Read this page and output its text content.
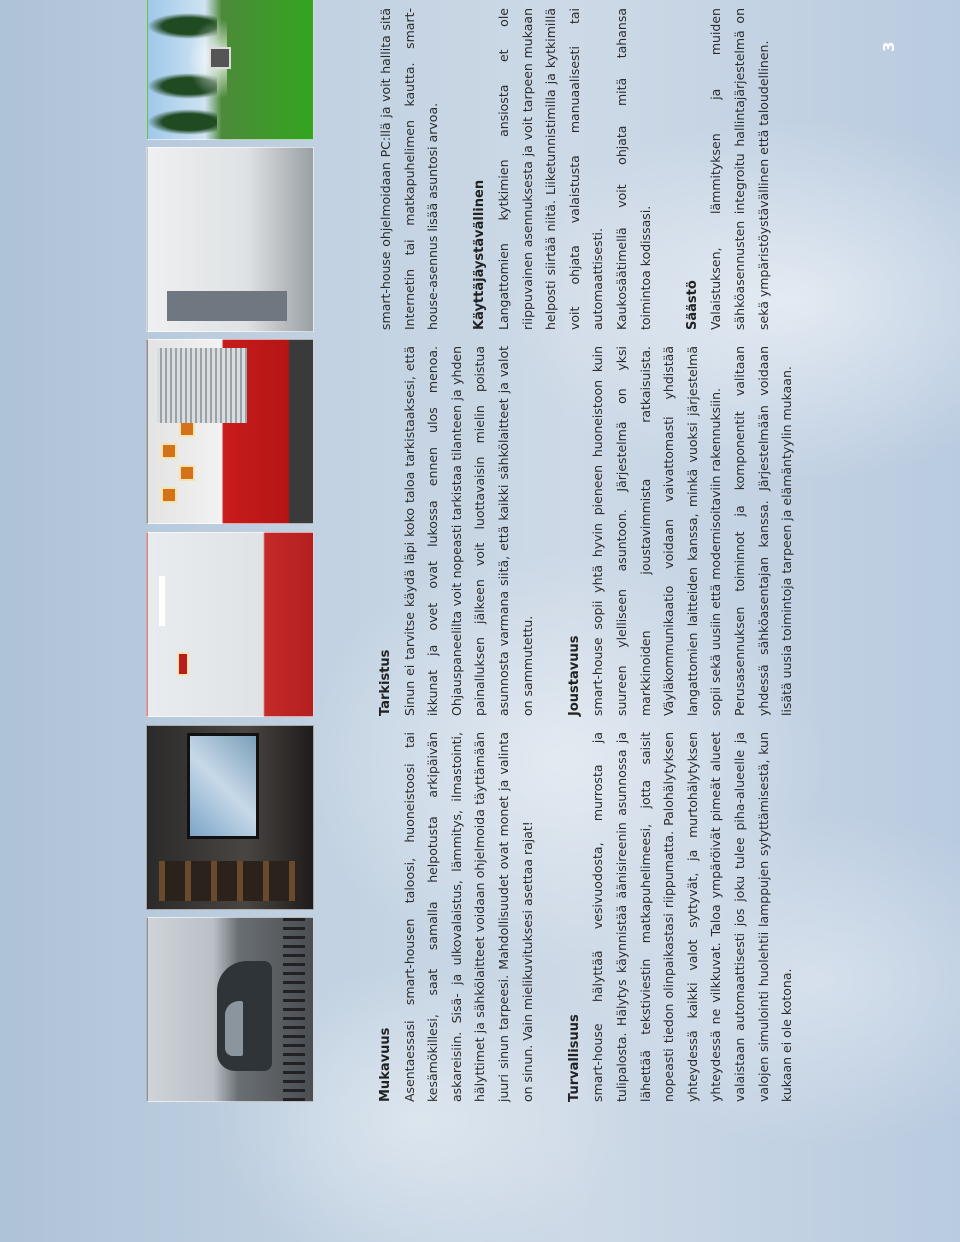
Mukavuus Asentaessasi smart-housen taloosi, huoneistoosi tai kesämökillesi, saat samalla helpotusta arkipäivän askareisiin. Sisä- ja ulkovalaistus, lämmitys, ilmastointi, hälyttimet ja sähkölaitteet voidaan ohjelmoida täyttämään juuri sinun tarpeesi. Mahdollisuudet ovat monet ja valinta on sinun. Vain mielikuvituksesi asettaa rajat!	Turvallisuus smart-house hälyttää vesivuodosta, murrosta ja tulipalosta. Hälytys käynnistää äänisireenin asunnossa ja lähettää tekstiviestin matkapuhelimeesi, jotta saisit nopeasti tiedon olinpaikastasi riippumatta. Palohälytyksen yhteydessä kaikki valot syttyvät, ja murtohälytyksen yhteydessä ne vilkkuvat. Taloa ympäröivät pimeät alueet valaistaan automaattisesti jos joku tulee piha-alueelle ja valojen simulointi huolehtii lamppujen sytyttämisestä, kun kukaan ei ole kotona.

Tarkistus Sinun ei tarvitse käydä läpi koko taloa tarkistaaksesi, että ikkunat ja ovet ovat lukossa ennen ulos menoa. Ohjauspaneelilta voit nopeasti tarkistaa tilanteen ja yhden painalluksen jälkeen voit luottavaisin mielin poistua asunnosta varmana siitä, että kaikki sähkölaitteet ja valot on sammutettu.	Joustavuus smart-house sopii yhtä hyvin pieneen huoneistoon kuin suureen ylelliseen asuntoon. Järjestelmä on yksi markkinoiden joustavimmista ratkaisuista. Väyläkommunikaatio voidaan vaivattomasti yhdistää langattomien laitteiden kanssa, minkä vuoksi järjestelmä sopii sekä uusiin että modernisoitaviin rakennuksiin. Perusasennuksen toiminnot ja komponentit valitaan yhdessä sähköasentajan kanssa. Järjestelmään voidaan lisätä uusia toimintoja tarpeen ja elämäntyylin mukaan.

smart-house ohjelmoidaan PC:llä ja voit hallita sitä Internetin tai matkapuhelimen kautta. smart-house-asennus lisää asuntosi arvoa.	Käyttäjäystävällinen Langattomien kytkimien ansiosta et ole riippuvainen asennuksesta ja voit tarpeen mukaan helposti siirtää niitä. Liiketunnistimilla ja kytkimillä voit ohjata valaistusta manuaalisesti tai automaattisesti. Kaukosäätimellä voit ohjata mitä tahansa toimintoa kodissasi.	Säästö Valaistuksen, lämmityksen ja muiden sähköasennusten integroitu hallintajärjestelmä on sekä ympäristöystävällinen että taloudellinen.	3
